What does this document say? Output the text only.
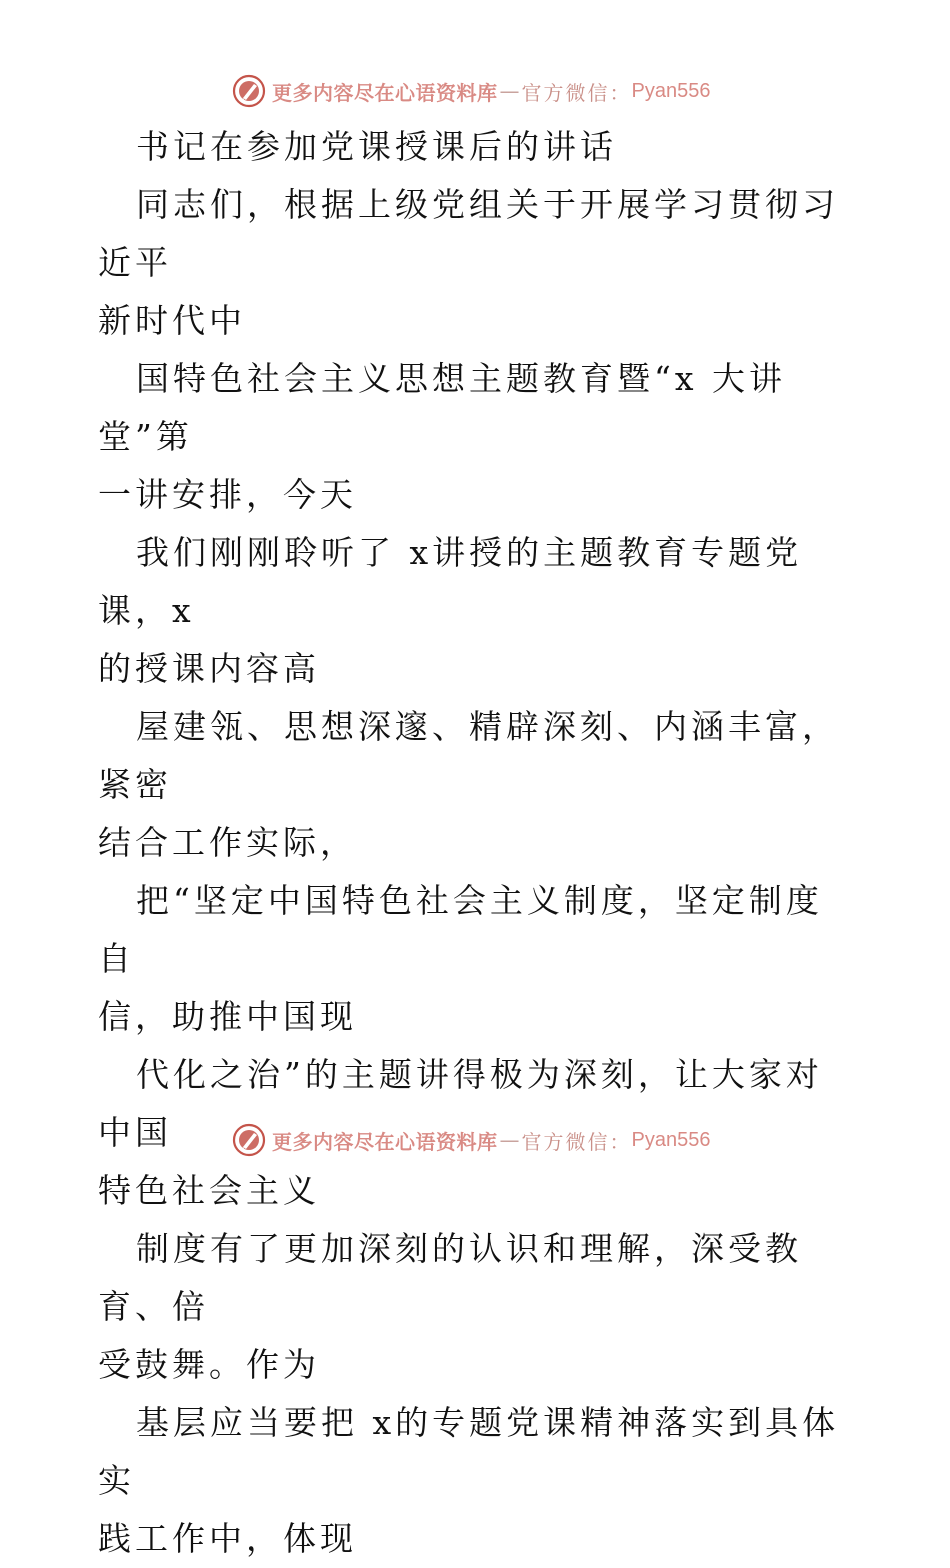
更多内容尽在心语资料库 — 官方微信： Pyan556

书记在参加党课授课后的讲话

同志们，根据上级党组关于开展学习贯彻习近平

新时代中

国特色社会主义思想主题教育暨“x 大讲堂”第

一讲安排，今天

我们刚刚聆听了 x讲授的主题教育专题党课，x

的授课内容高

屋建瓴、思想深邃、精辟深刻、内涵丰富，紧密

结合工作实际，

把“坚定中国特色社会主义制度，坚定制度自

信，助推中国现

代化之治”的主题讲得极为深刻，让大家对中国

特色社会主义

制度有了更加深刻的认识和理解，深受教育、倍

受鼓舞。作为

基层应当要把 x的专题党课精神落实到具体实

践工作中，体现

更多内容尽在心语资料库 — 官方微信： Pyan556
